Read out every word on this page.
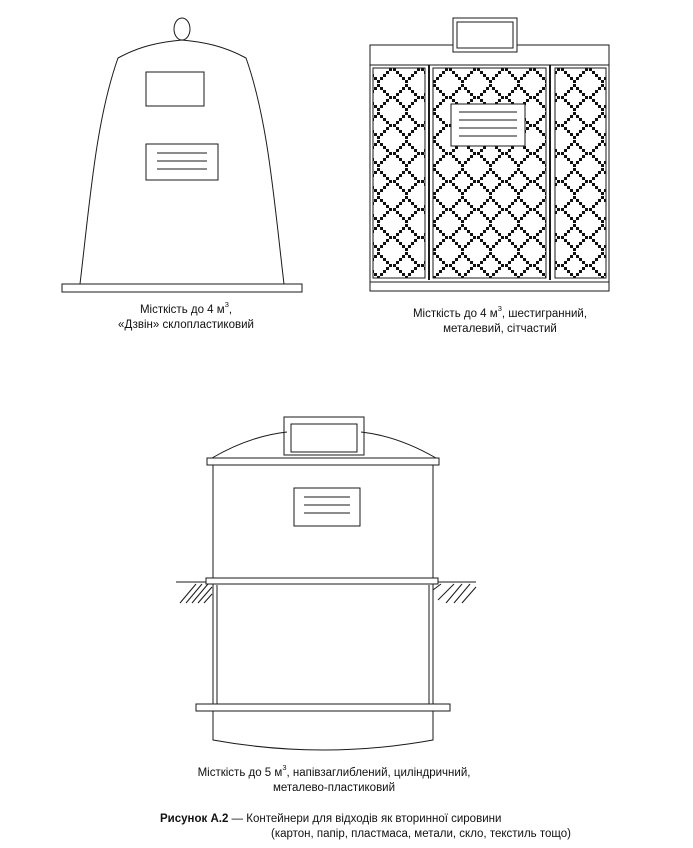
Місткість до 4 $м^3$,
«Дзвін» склопластиковий
Місткість до 4 $м^3$, шестигранний,
металевий, сітчастий
Місткість до 5 $м^3$, напівзаглиблений, циліндричний,
металево-пластиковий
Рисунок А.2 — Контейнери для відходів як вторинної сировини
(картон, папір, пластмаса, метали, скло, текстиль тощо)
